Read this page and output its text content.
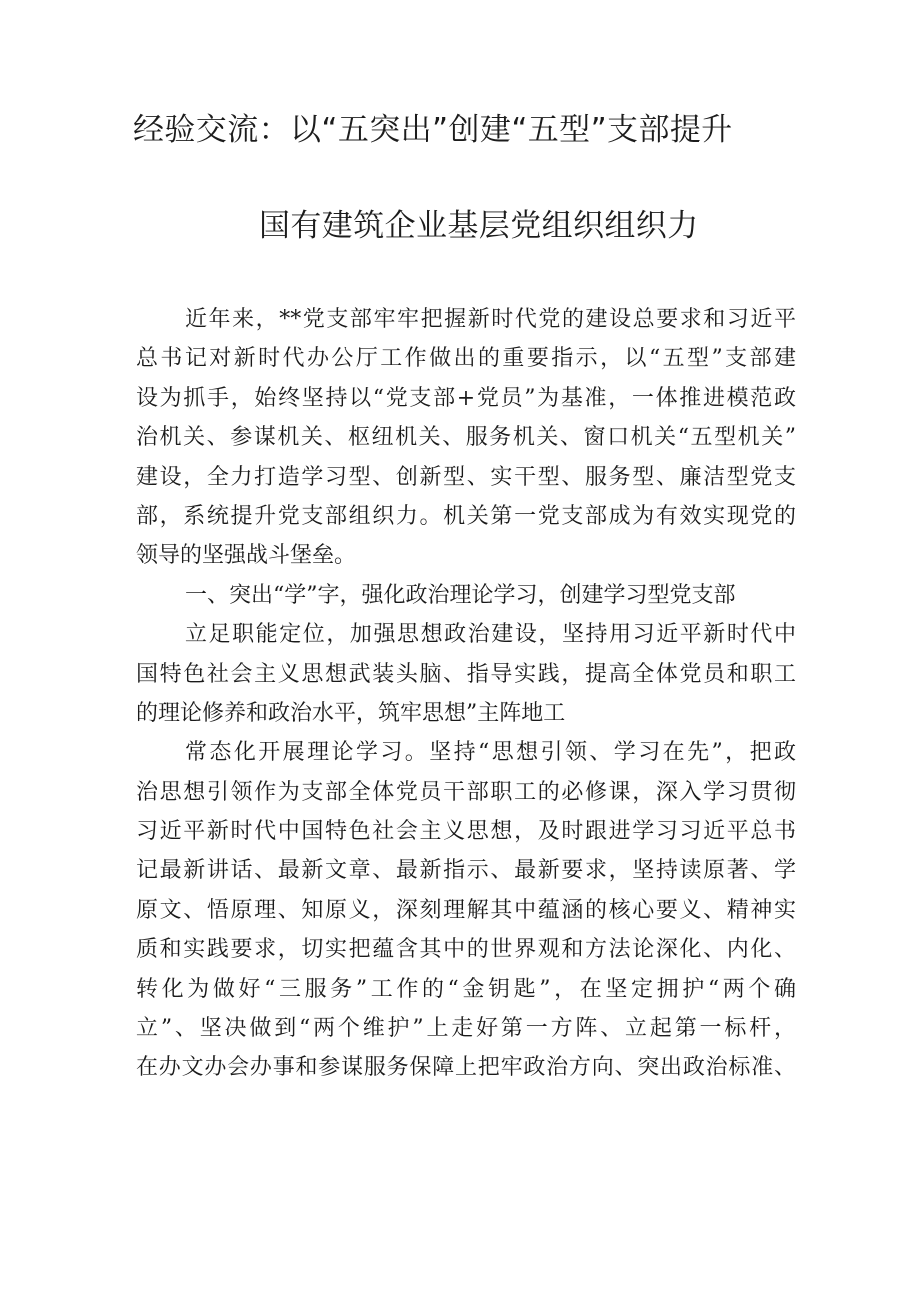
经验交流：以“五突出”创建“五型”支部提升
国有建筑企业基层党组织组织力
近年来，**党支部牢牢把握新时代党的建设总要求和习近平
总书记对新时代办公厅工作做出的重要指示，以“五型”支部建
设为抓手，始终坚持以“党支部+党员”为基准，一体推进模范政
治机关、参谋机关、枢纽机关、服务机关、窗口机关“五型机关”
建设，全力打造学习型、创新型、实干型、服务型、廉洁型党支
部，系统提升党支部组织力。机关第一党支部成为有效实现党的
领导的坚强战斗堡垒。
一、突出“学”字，强化政治理论学习，创建学习型党支部
立足职能定位，加强思想政治建设，坚持用习近平新时代中
国特色社会主义思想武装头脑、指导实践，提高全体党员和职工
的理论修养和政治水平，筑牢思想”主阵地工
常态化开展理论学习。坚持“思想引领、学习在先”，把政
治思想引领作为支部全体党员干部职工的必修课，深入学习贯彻
习近平新时代中国特色社会主义思想，及时跟进学习习近平总书
记最新讲话、最新文章、最新指示、最新要求，坚持读原著、学
原文、悟原理、知原义，深刻理解其中蕴涵的核心要义、精神实
质和实践要求，切实把蕴含其中的世界观和方法论深化、内化、
转化为做好“三服务”工作的“金钥匙”，在坚定拥护“两个确
立”、坚决做到“两个维护”上走好第一方阵、立起第一标杆，
在办文办会办事和参谋服务保障上把牢政治方向、突出政治标准、
